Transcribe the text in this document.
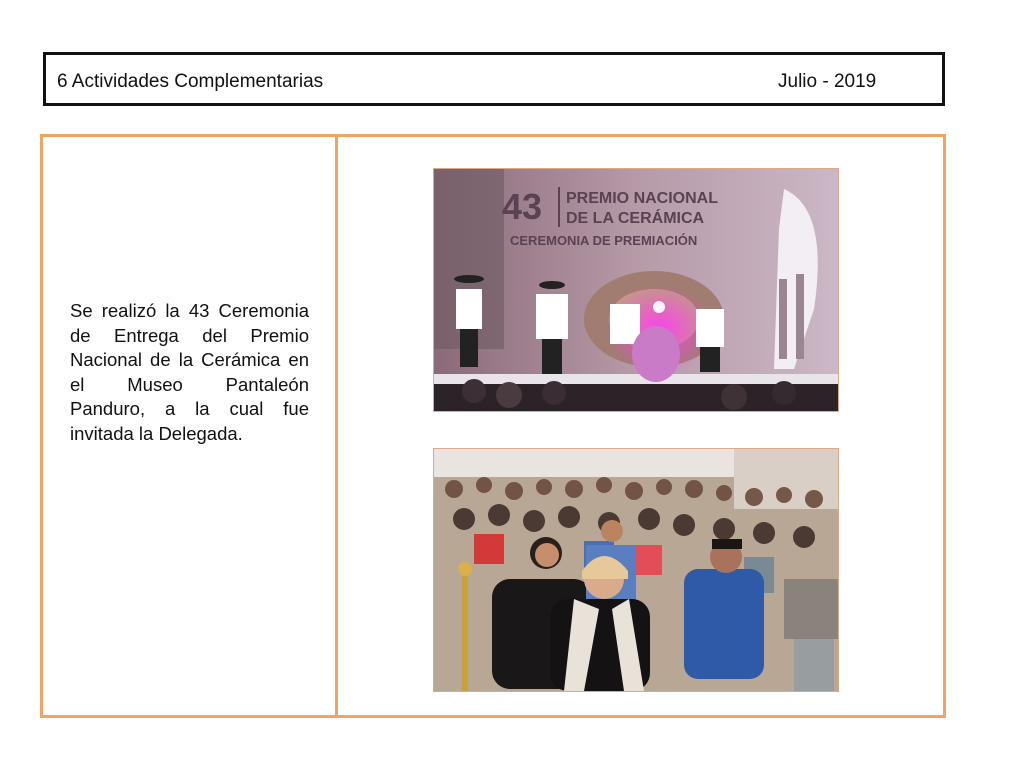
6 Actividades Complementarias	Julio - 2019

Se realizó la 43 Ceremonia de Entrega del Premio Nacional de la Cerámica en el Museo Pantaleón Panduro, a la cual fue invitada la Delegada.

43 PREMIO NACIONAL
DE LA CERÁMICA
CEREMONIA DE PREMIACIÓN
